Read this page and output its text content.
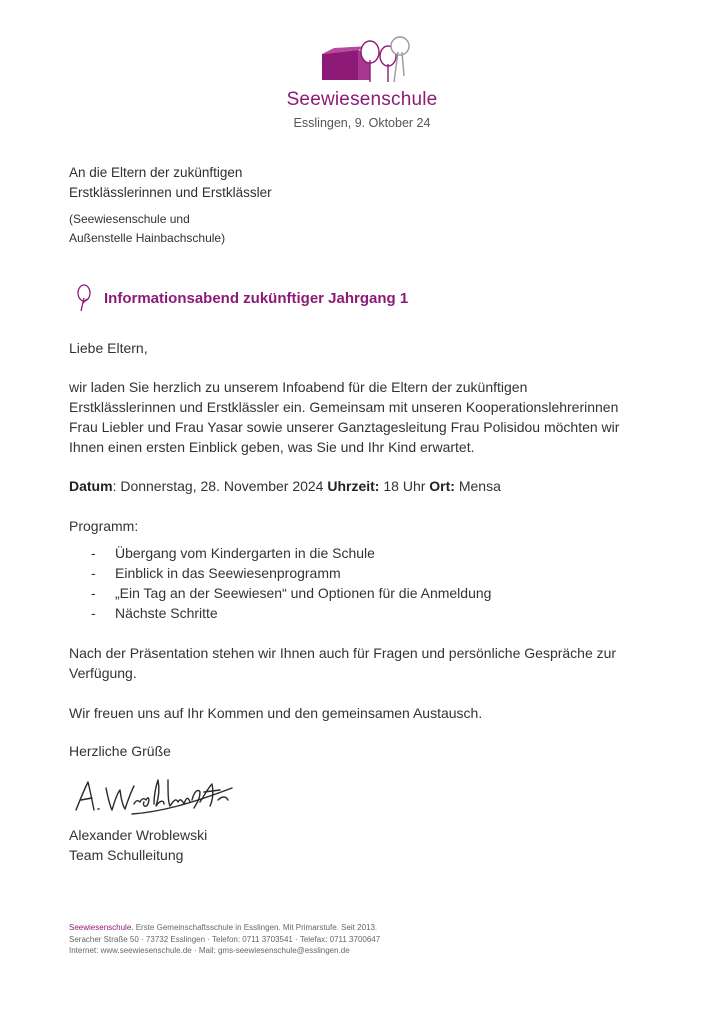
Seewiesenschule
Esslingen, 9. Oktober 24
An die Eltern der zukünftigen
Erstklässlerinnen und Erstklässler
(Seewiesenschule und
Außenstelle Hainbachschule)
Informationsabend zukünftiger Jahrgang 1
Liebe Eltern,

wir laden Sie herzlich zu unserem Infoabend für die Eltern der zukünftigen

Erstklässlerinnen und Erstklässler ein. Gemeinsam mit unseren Kooperationslehrerinnen

Frau Liebler und Frau Yasar sowie unserer Ganztagesleitung Frau Polisidou möchten wir

Ihnen einen ersten Einblick geben, was Sie und Ihr Kind erwartet.

Datum: Donnerstag, 28. November 2024 Uhrzeit: 18 Uhr Ort: Mensa
Programm:
- Übergang vom Kindergarten in die Schule
- Einblick in das Seewiesenprogramm
- „Ein Tag an der Seewiesen“ und Optionen für die Anmeldung
- Nächste Schritte

Nach der Präsentation stehen wir Ihnen auch für Fragen und persönliche Gespräche zur

Verfügung.

Wir freuen uns auf Ihr Kommen und den gemeinsamen Austausch.
Herzliche Grüße
Alexander Wroblewski
Team Schulleitung
Seewiesenschule. Erste Gemeinschaftsschule in Esslingen. Mit Primarstufe. Seit 2013.
Seracher Straße 50 · 73732 Esslingen · Telefon: 0711 3703541 · Telefax: 0711 3700647
Internet: www.seewiesenschule.de · Mail: gms-seewiesenschule@esslingen.de
